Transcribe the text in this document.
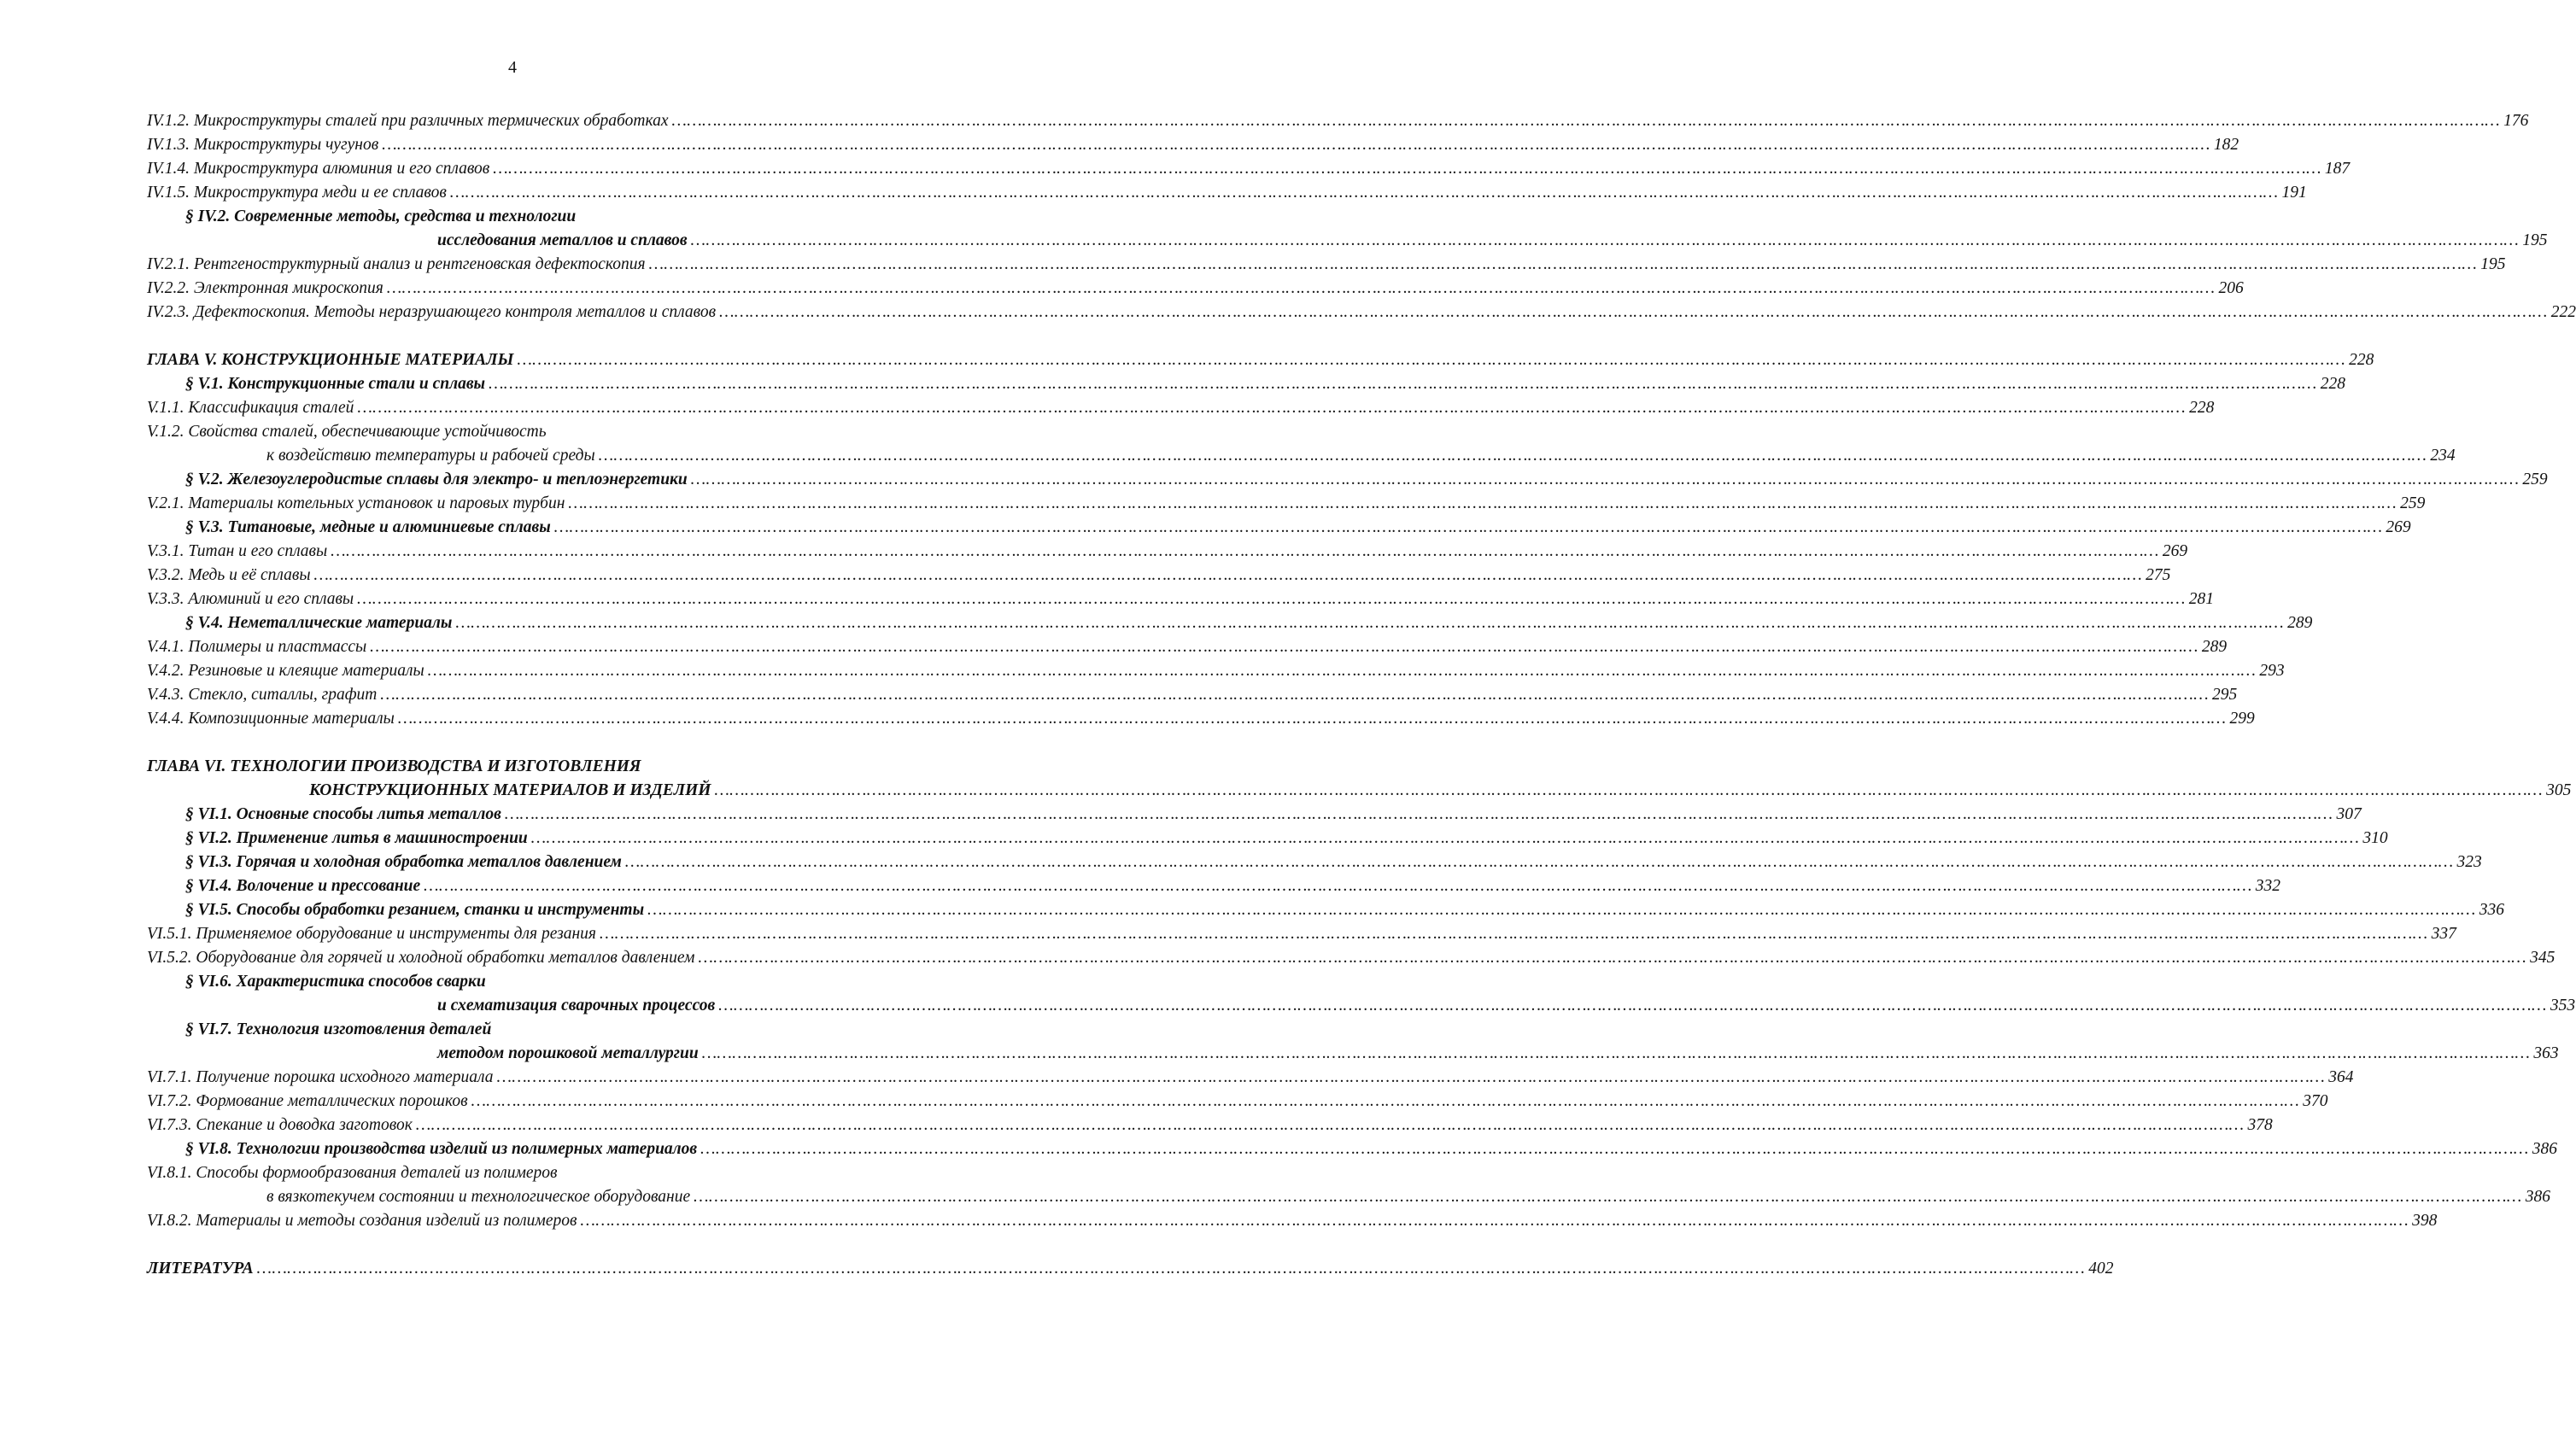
4
IV.1.2. Микроструктуры сталей при различных термических обработках ……………………………………………………………………………………………………………………………………………………………………………………………………………………………………………………………………………………………………………………………… 176
IV.1.3. Микроструктуры чугунов ……………………………………………………………………………………………………………………………………………………………………………………………………………………………………………………………………………………………………………………………… 182
IV.1.4. Микроструктура алюминия и его сплавов ……………………………………………………………………………………………………………………………………………………………………………………………………………………………………………………………………………………………………………………………… 187
IV.1.5. Микроструктура меди и ее сплавов ……………………………………………………………………………………………………………………………………………………………………………………………………………………………………………………………………………………………………………………………… 191
§ IV.2. Современные методы, средства и технологии
исследования металлов и сплавов ……………………………………………………………………………………………………………………………………………………………………………………………………………………………………………………………………………………………………………………………… 195
IV.2.1. Рентгеноструктурный анализ и рентгеновская дефектоскопия ……………………………………………………………………………………………………………………………………………………………………………………………………………………………………………………………………………………………………………………………… 195
IV.2.2. Электронная микроскопия ……………………………………………………………………………………………………………………………………………………………………………………………………………………………………………………………………………………………………………………………… 206
IV.2.3. Дефектоскопия. Методы неразрушающего контроля металлов и сплавов ……………………………………………………………………………………………………………………………………………………………………………………………………………………………………………………………………………………………………………………………… 222
ГЛАВА V. КОНСТРУКЦИОННЫЕ МАТЕРИАЛЫ ……………………………………………………………………………………………………………………………………………………………………………………………………………………………………………………………………………………………………………………………… 228
§ V.1. Конструкционные стали и сплавы ……………………………………………………………………………………………………………………………………………………………………………………………………………………………………………………………………………………………………………………………… 228
V.1.1. Классификация сталей ……………………………………………………………………………………………………………………………………………………………………………………………………………………………………………………………………………………………………………………………… 228
V.1.2. Свойства сталей, обеспечивающие устойчивость
к воздействию температуры и рабочей среды ……………………………………………………………………………………………………………………………………………………………………………………………………………………………………………………………………………………………………………………………… 234
§ V.2. Железоуглеродистые сплавы для электро- и теплоэнергетики ……………………………………………………………………………………………………………………………………………………………………………………………………………………………………………………………………………………………………………………………… 259
V.2.1. Материалы котельных установок и паровых турбин ……………………………………………………………………………………………………………………………………………………………………………………………………………………………………………………………………………………………………………………………… 259
§ V.3. Титановые, медные и алюминиевые сплавы ……………………………………………………………………………………………………………………………………………………………………………………………………………………………………………………………………………………………………………………………… 269
V.3.1. Титан и его сплавы ……………………………………………………………………………………………………………………………………………………………………………………………………………………………………………………………………………………………………………………………… 269
V.3.2. Медь и её сплавы ……………………………………………………………………………………………………………………………………………………………………………………………………………………………………………………………………………………………………………………………… 275
V.3.3. Алюминий и его сплавы ……………………………………………………………………………………………………………………………………………………………………………………………………………………………………………………………………………………………………………………………… 281
§ V.4. Неметаллические материалы ……………………………………………………………………………………………………………………………………………………………………………………………………………………………………………………………………………………………………………………………… 289
V.4.1. Полимеры и пластмассы ……………………………………………………………………………………………………………………………………………………………………………………………………………………………………………………………………………………………………………………………… 289
V.4.2. Резиновые и клеящие материалы ……………………………………………………………………………………………………………………………………………………………………………………………………………………………………………………………………………………………………………………………… 293
V.4.3. Стекло, ситаллы, графит ……………………………………………………………………………………………………………………………………………………………………………………………………………………………………………………………………………………………………………………………… 295
V.4.4. Композиционные материалы ……………………………………………………………………………………………………………………………………………………………………………………………………………………………………………………………………………………………………………………………… 299
ГЛАВА VI. ТЕХНОЛОГИИ ПРОИЗВОДСТВА И ИЗГОТОВЛЕНИЯ
КОНСТРУКЦИОННЫХ МАТЕРИАЛОВ И ИЗДЕЛИЙ ……………………………………………………………………………………………………………………………………………………………………………………………………………………………………………………………………………………………………………………………… 305
§ VI.1. Основные способы литья металлов ……………………………………………………………………………………………………………………………………………………………………………………………………………………………………………………………………………………………………………………………… 307
§ VI.2. Применение литья в машиностроении ……………………………………………………………………………………………………………………………………………………………………………………………………………………………………………………………………………………………………………………………… 310
§ VI.3. Горячая и холодная обработка металлов давлением ……………………………………………………………………………………………………………………………………………………………………………………………………………………………………………………………………………………………………………………………… 323
§ VI.4. Волочение и прессование ……………………………………………………………………………………………………………………………………………………………………………………………………………………………………………………………………………………………………………………………… 332
§ VI.5. Способы обработки резанием, станки и инструменты ……………………………………………………………………………………………………………………………………………………………………………………………………………………………………………………………………………………………………………………………… 336
VI.5.1. Применяемое оборудование и инструменты для резания ……………………………………………………………………………………………………………………………………………………………………………………………………………………………………………………………………………………………………………………………… 337
VI.5.2. Оборудование для горячей и холодной обработки металлов давлением ……………………………………………………………………………………………………………………………………………………………………………………………………………………………………………………………………………………………………………………………… 345
§ VI.6. Характеристика способов сварки
и схематизация сварочных процессов ……………………………………………………………………………………………………………………………………………………………………………………………………………………………………………………………………………………………………………………………… 353
§ VI.7. Технология изготовления деталей
методом порошковой металлургии ……………………………………………………………………………………………………………………………………………………………………………………………………………………………………………………………………………………………………………………………… 363
VI.7.1. Получение порошка исходного материала ……………………………………………………………………………………………………………………………………………………………………………………………………………………………………………………………………………………………………………………………… 364
VI.7.2. Формование металлических порошков ……………………………………………………………………………………………………………………………………………………………………………………………………………………………………………………………………………………………………………………………… 370
VI.7.3. Спекание и доводка заготовок ……………………………………………………………………………………………………………………………………………………………………………………………………………………………………………………………………………………………………………………………… 378
§ VI.8. Технологии производства изделий из полимерных материалов ……………………………………………………………………………………………………………………………………………………………………………………………………………………………………………………………………………………………………………………………… 386
VI.8.1. Способы формообразования деталей из полимеров
в вязкотекучем состоянии и технологическое оборудование ……………………………………………………………………………………………………………………………………………………………………………………………………………………………………………………………………………………………………………………………… 386
VI.8.2. Материалы и методы создания изделий из полимеров ……………………………………………………………………………………………………………………………………………………………………………………………………………………………………………………………………………………………………………………………… 398
ЛИТЕРАТУРА ……………………………………………………………………………………………………………………………………………………………………………………………………………………………………………………………………………………………………………………………… 402
